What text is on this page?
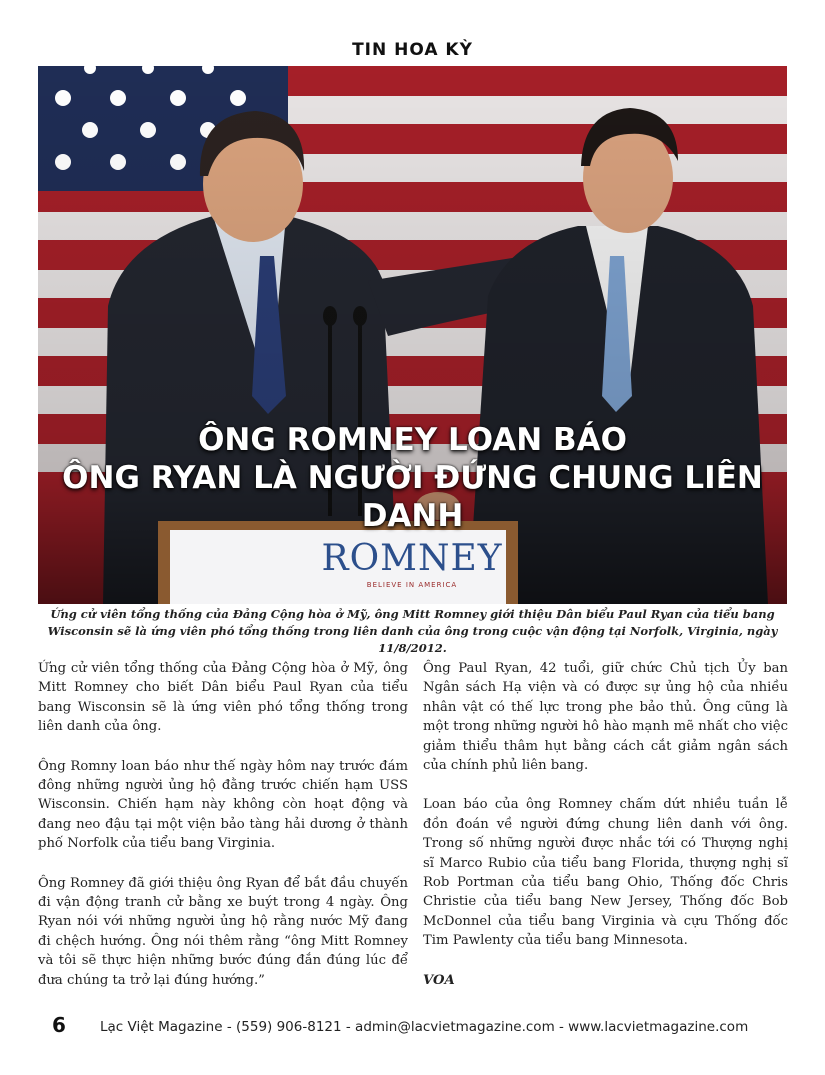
TIN HOA KỲ
ÔNG ROMNEY LOAN BÁO
ÔNG RYAN LÀ NGƯỜI ĐỨNG CHUNG LIÊN DANH
ROMNEY
BELIEVE IN AMERICA
Ứng cử viên tổng thống của Đảng Cộng hòa ở Mỹ, ông Mitt Romney giới thiệu Dân biểu Paul Ryan của tiểu bang Wisconsin sẽ là ứng viên phó tổng thống trong liên danh của ông trong cuộc vận động tại Norfolk, Virginia, ngày 11/8/2012.

Ứng cử viên tổng thống của Đảng Cộng hòa ở Mỹ, ông Mitt Romney cho biết Dân biểu Paul Ryan của tiểu bang Wisconsin sẽ là ứng viên phó tổng thống trong liên danh của ông.

Ông Romny loan báo như thế ngày hôm nay trước đám đông những người ủng hộ đằng trước chiến hạm USS Wisconsin. Chiến hạm này không còn hoạt động và đang neo đậu tại một viện bảo tàng hải dương ở thành phố Norfolk của tiểu bang Virginia.

Ông Romney đã giới thiệu ông Ryan để bắt đầu chuyến đi vận động tranh cử bằng xe buýt trong 4 ngày. Ông Ryan nói với những người ủng hộ rằng nước Mỹ đang đi chệch hướng. Ông nói thêm rằng “ông Mitt Romney và tôi sẽ thực hiện những bước đúng đắn đúng lúc để đưa chúng ta trở lại đúng hướng.”

Ông Paul Ryan, 42 tuổi, giữ chức Chủ tịch Ủy ban Ngân sách Hạ viện và có được sự ủng hộ của nhiều nhân vật có thế lực trong phe bảo thủ. Ông cũng là một trong những người hô hào mạnh mẽ nhất cho việc giảm thiểu thâm hụt bằng cách cắt giảm ngân sách của chính phủ liên bang.

Loan báo của ông Romney chấm dứt nhiều tuần lễ đồn đoán về người đứng chung liên danh với ông. Trong số những người được nhắc tới có Thượng nghị sĩ Marco Rubio của tiểu bang Florida, thượng nghị sĩ Rob Portman của tiểu bang Ohio, Thống đốc Chris Christie của tiểu bang New Jersey, Thống đốc Bob McDonnel của tiểu bang Virginia và cựu Thống đốc Tim Pawlenty của tiểu bang Minnesota.

VOA

6	Lạc Việt Magazine - (559) 906-8121 - admin@lacvietmagazine.com - www.lacvietmagazine.com
